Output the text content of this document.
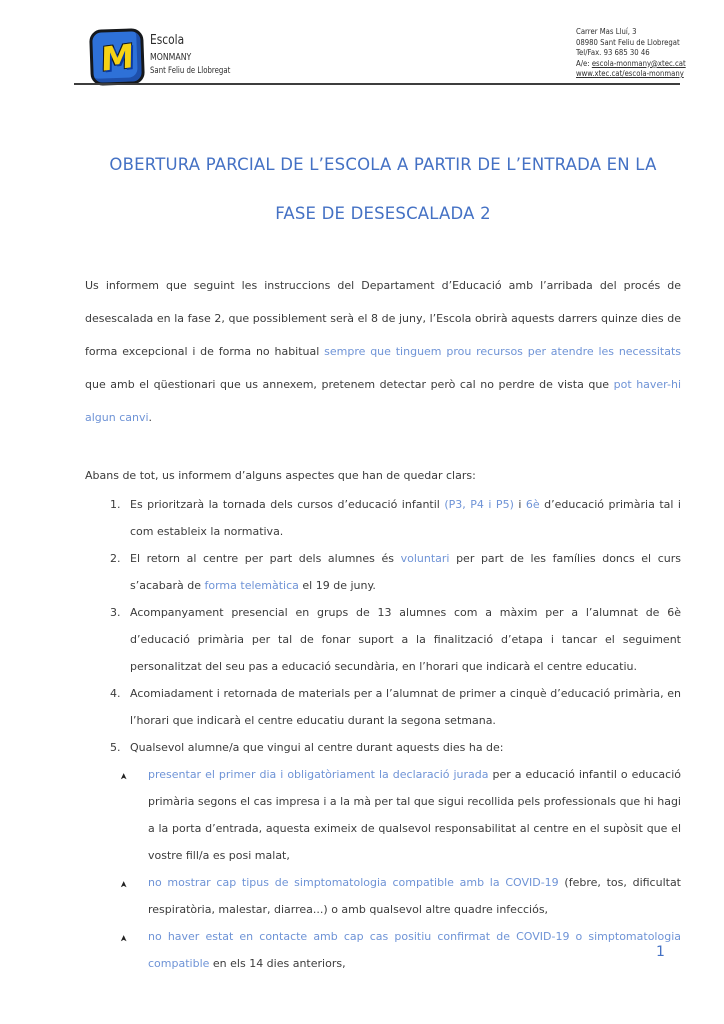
M Escola
MONMANY
Sant Feliu de Llobregat
Carrer Mas Lluí, 3
08980 Sant Feliu de Llobregat
Tel/Fax. 93 685 30 46
A/e: escola-monmany@xtec.cat
www.xtec.cat/escola-monmany
OBERTURA PARCIAL DE L’ESCOLA A PARTIR DE L’ENTRADA EN LA
FASE DE DESESCALADA 2

Us informem que seguint les instruccions del Departament d’Educació amb l’arribada del procés de desescalada en la fase 2, que possiblement serà el 8 de juny, l’Escola obrirà aquests darrers quinze dies de forma excepcional i de forma no habitual sempre que tinguem prou recursos per atendre les necessitats que amb el qüestionari que us annexem, pretenem detectar però cal no perdre de vista que pot haver-hi algun canvi.

Abans de tot, us informem d’alguns aspectes que han de quedar clars:

1. Es prioritzarà la tornada dels cursos d’educació infantil (P3, P4 i P5) i 6è d’educació primària tal i com estableix la normativa.
2. El retorn al centre per part dels alumnes és voluntari per part de les famílies doncs el curs s’acabarà de forma telemàtica el 19 de juny.
3. Acompanyament presencial en grups de 13 alumnes com a màxim per a l’alumnat de 6è d’educació primària per tal de fonar suport a la finalització d’etapa i tancar el seguiment personalitzat del seu pas a educació secundària, en l’horari que indicarà el centre educatiu.
4. Acomiadament i retornada de materials per a l’alumnat de primer a cinquè d’educació primària, en l’horari que indicarà el centre educatiu durant la segona setmana.
5. Qualsevol alumne/a que vingui al centre durant aquests dies ha de:
➤	presentar el primer dia i obligatòriament la declaració jurada per a educació infantil o educació primària segons el cas impresa i a la mà per tal que sigui recollida pels professionals que hi hagi a la porta d’entrada, aquesta eximeix de qualsevol responsabilitat al centre en el supòsit que el vostre fill/a es posi malat,
➤	no mostrar cap tipus de simptomatologia compatible amb la COVID-19 (febre, tos, dificultat respiratòria, malestar, diarrea...) o amb qualsevol altre quadre infecciós,
➤	no haver estat en contacte amb cap cas positiu confirmat de COVID-19 o simptomatologia compatible en els 14 dies anteriors,
1
